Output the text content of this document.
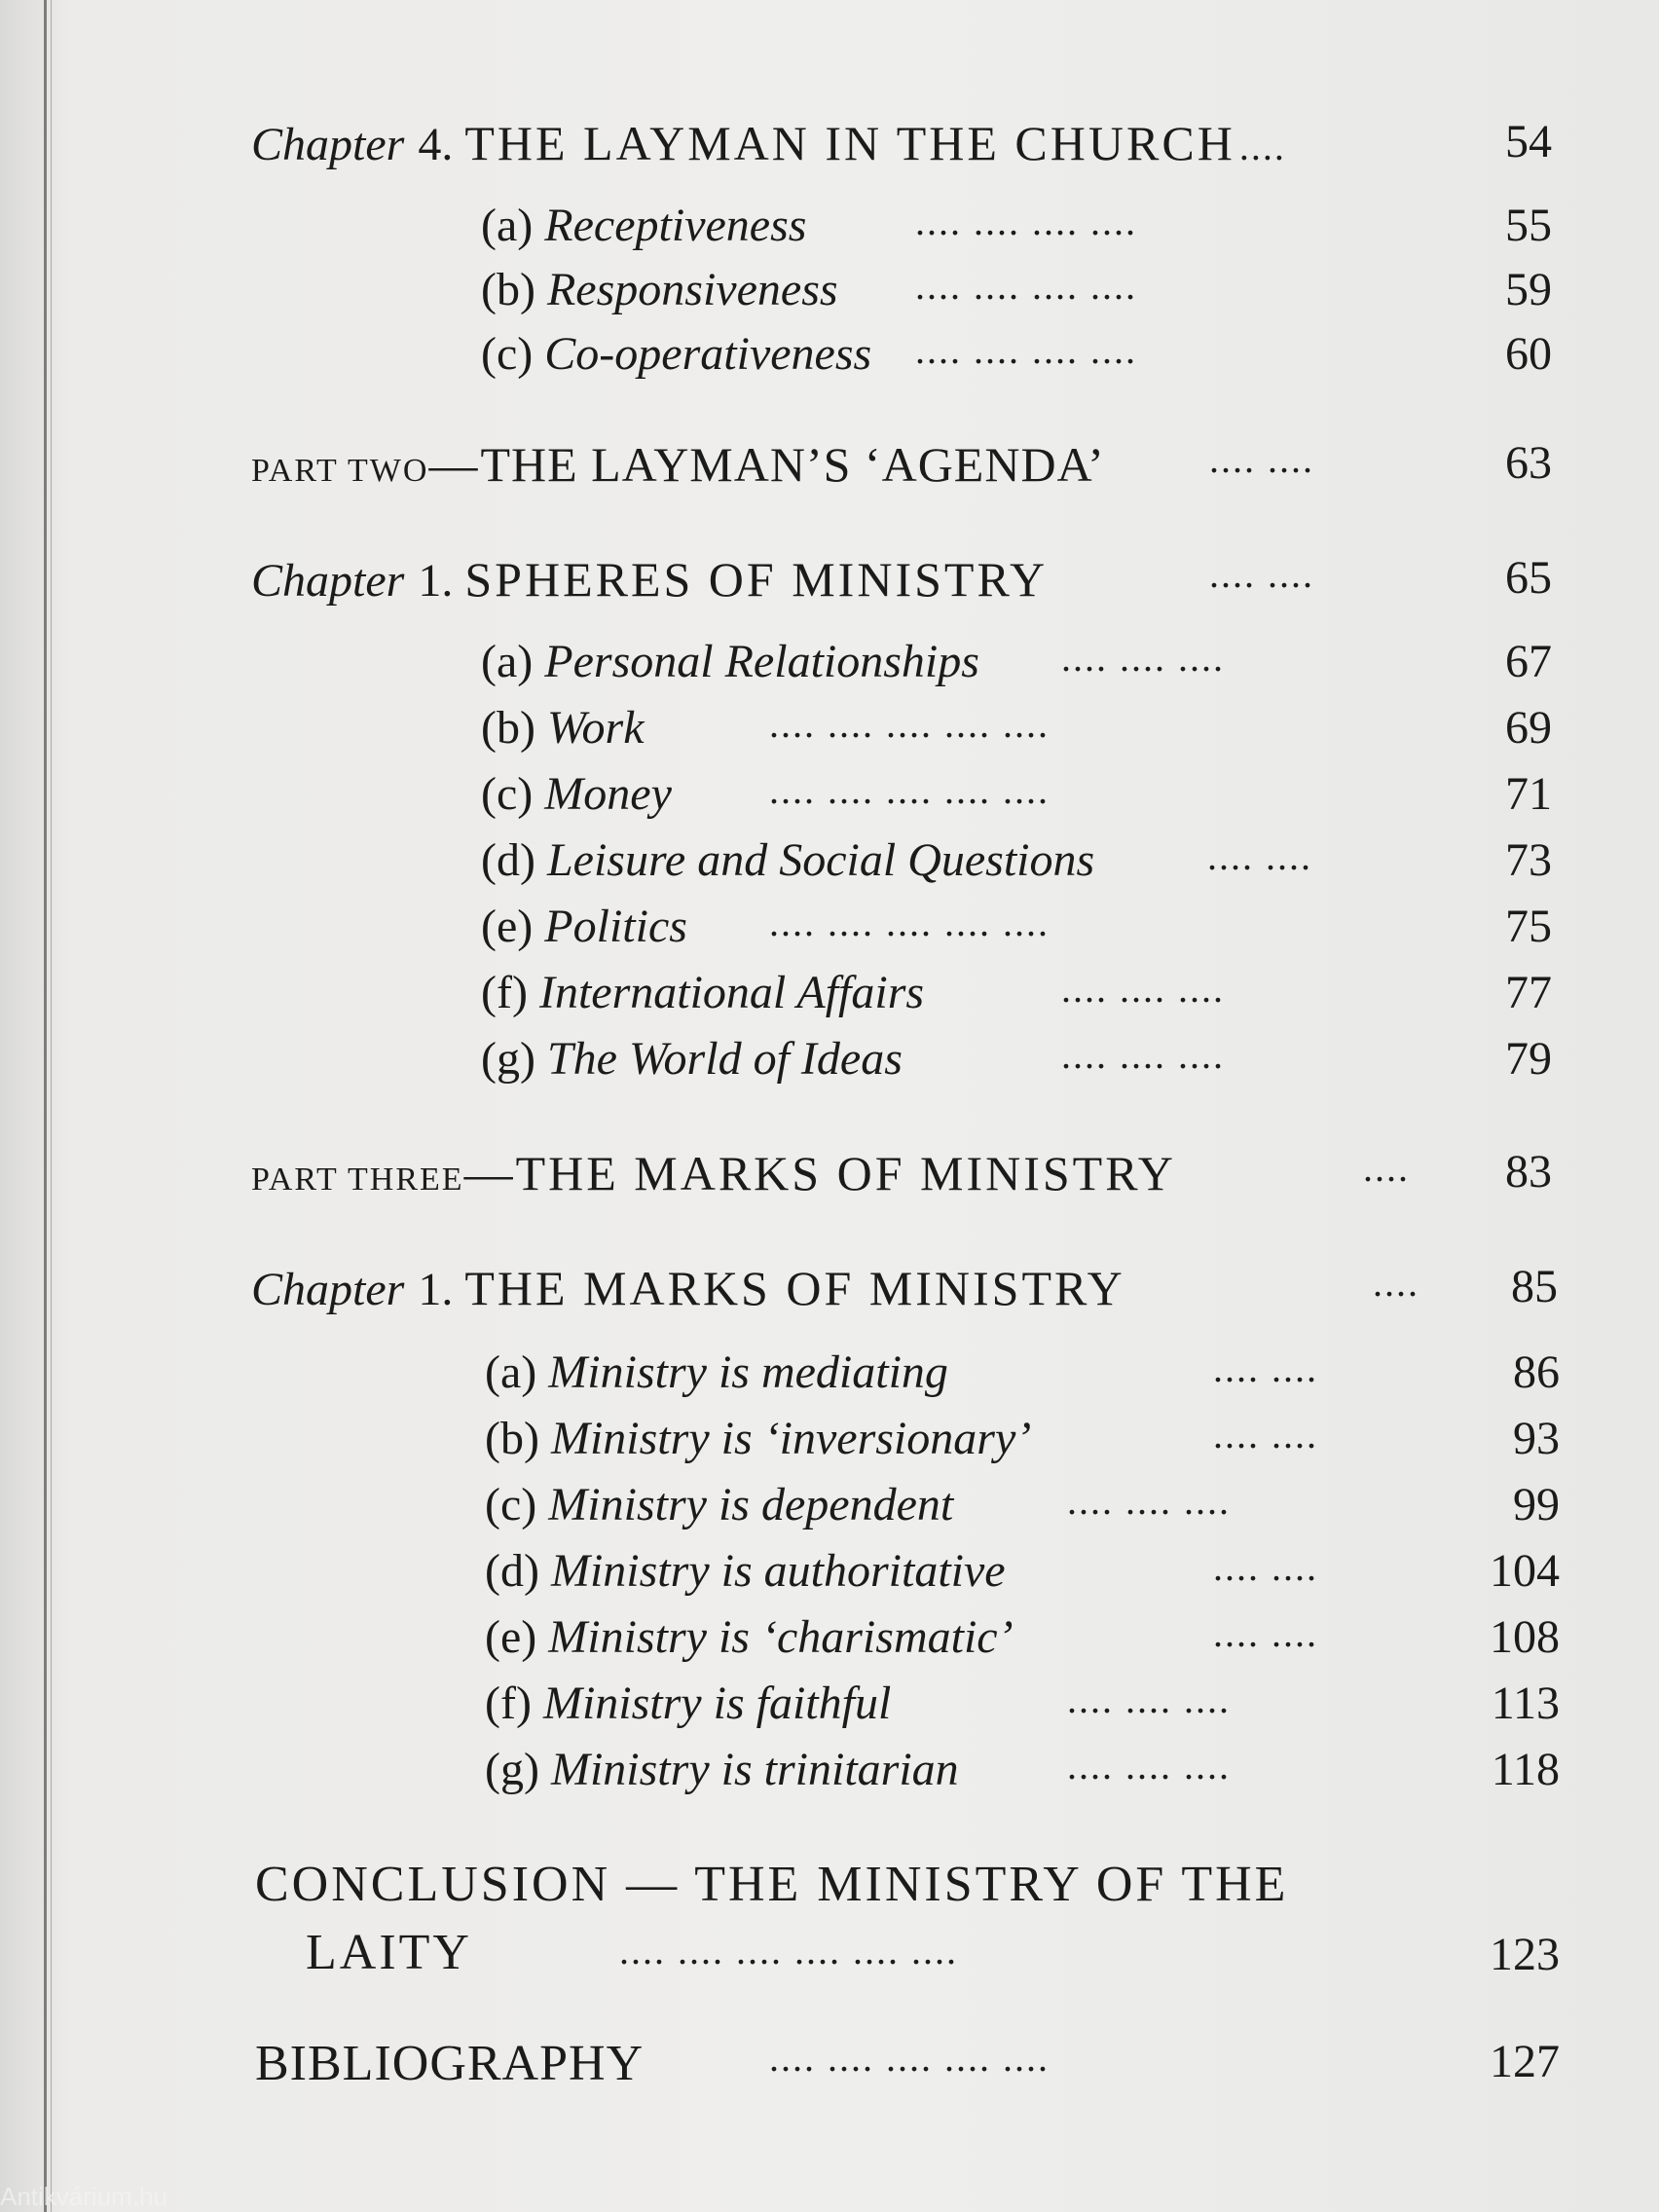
Chapter 4. THE LAYMAN IN THE CHURCH ....	54
(a) Receptiveness	.... .... .... ....	55
(b) Responsiveness .... .... .... ....	59
(c) Co-operativeness .... .... .... ....	60
PART TWO — THE LAYMAN’S ‘AGENDA’	.... ....	63
Chapter 1. SPHERES OF MINISTRY	.... ....	65
(a) Personal Relationships .... .... ....	67
(b) Work	.... .... .... .... ....	69
(c) Money	.... .... .... .... ....	71
(d) Leisure and Social Questions	.... ....	73
(e) Politics .... .... .... .... ....	75
(f) International Affairs	.... .... ....	77
(g) The World of Ideas	.... .... ....	79
PART THREE — THE MARKS OF MINISTRY	.... 83
Chapter 1. THE MARKS OF MINISTRY	.... 85
(a) Ministry is mediating	.... ....	86
(b) Ministry is ‘inversionary’	.... ....	93
(c) Ministry is dependent	.... .... ....	99
(d) Ministry is authoritative	.... ....	104
(e) Ministry is ‘charismatic’	.... ....	108
(f) Ministry is faithful	.... .... ....	113
(g) Ministry is trinitarian	.... .... ....	118
CONCLUSION — THE MINISTRY OF THE
LAITY	.... .... .... .... .... ....	123
BIBLIOGRAPHY	.... .... .... .... ....	127
Antikvárium.hu
